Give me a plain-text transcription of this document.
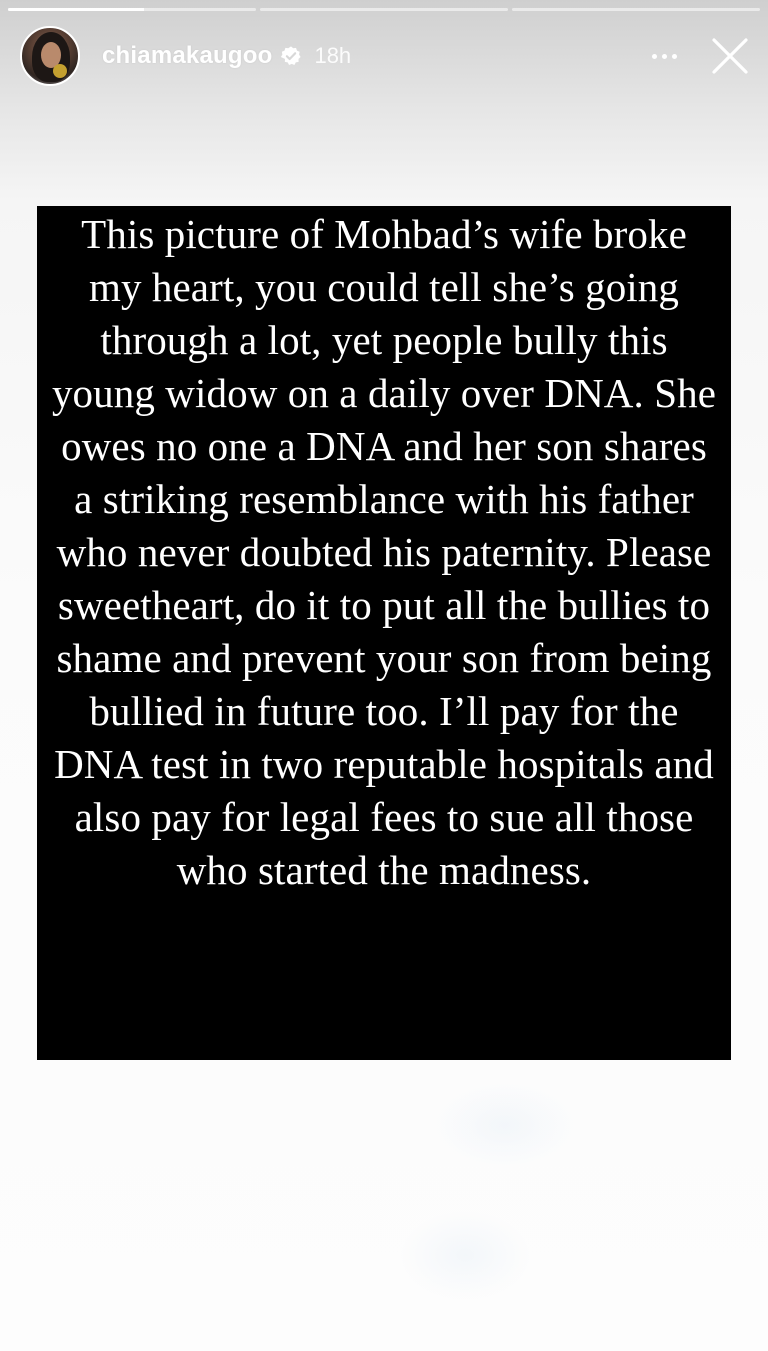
chiamakaugoo 18h

This picture of Mohbad’s wife broke my heart, you could tell she’s going through a lot, yet people bully this young widow on a daily over DNA. She owes no one a DNA and her son shares a striking resemblance with his father who never doubted his paternity. Please sweetheart, do it to put all the bullies to shame and prevent your son from being bullied in future too. I’ll pay for the DNA test in two reputable hospitals and also pay for legal fees to sue all those who started the madness.
